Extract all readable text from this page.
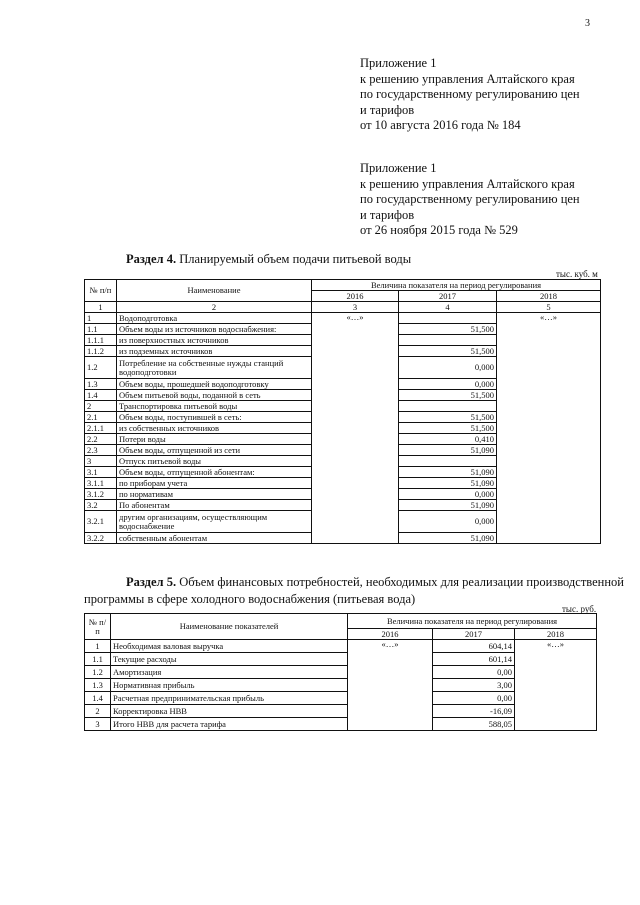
3
Приложение 1
к решению управления Алтайского края
по государственному регулированию цен
и тарифов
от 10 августа 2016 года № 184
Приложение 1
к решению управления Алтайского края
по государственному регулированию цен
и тарифов
от 26 ноября 2015 года № 529
Раздел 4. Планируемый объем подачи питьевой воды
тыс. куб. м
№ п/п	Наименование	Величина показателя на период регулирования		
		2016	2017	2018
1	2	3	4	5
1	Водоподготовка	«…»		«…»
1.1	Объем воды из источников водоснабжения:		51,500	
1.1.1	из поверхностных источников			
1.1.2	из подземных источников		51,500	
1.2	Потребление на собственные нужды станций водоподготовки		0,000	
1.3	Объем воды, прошедшей водоподготовку		0,000	
1.4	Объем питьевой воды, поданной в сеть		51,500	
2	Транспортировка питьевой воды			
2.1	Объем воды, поступившей в сеть:		51,500	
2.1.1	из собственных источников		51,500	
2.2	Потери воды		0,410	
2.3	Объем воды, отпущенной из сети		51,090	
3	Отпуск питьевой воды			
3.1	Объем воды, отпущенной абонентам:		51,090	
3.1.1	по приборам учета		51,090	
3.1.2	по нормативам		0,000	
3.2	По абонентам		51,090	
3.2.1	другим организациям, осуществляющим водоснабжение		0,000	
3.2.2	собственным абонентам		51,090	
Раздел 5. Объем финансовых потребностей, необходимых для реализации производственной программы в сфере холодного водоснабжения (питьевая вода)
тыс. руб.
№ п/п	Наименование показателей	Величина показателя на период регулирования		
		2016	2017	2018
1	Необходимая валовая выручка	«…»	604,14	«…»
1.1	Текущие расходы		601,14	
1.2	Амортизация		0,00	
1.3	Нормативная прибыль		3,00	
1.4	Расчетная предпринимательская прибыль		0,00	
2	Корректировка НВВ		-16,09	
3	Итого НВВ для расчета тарифа		588,05	
